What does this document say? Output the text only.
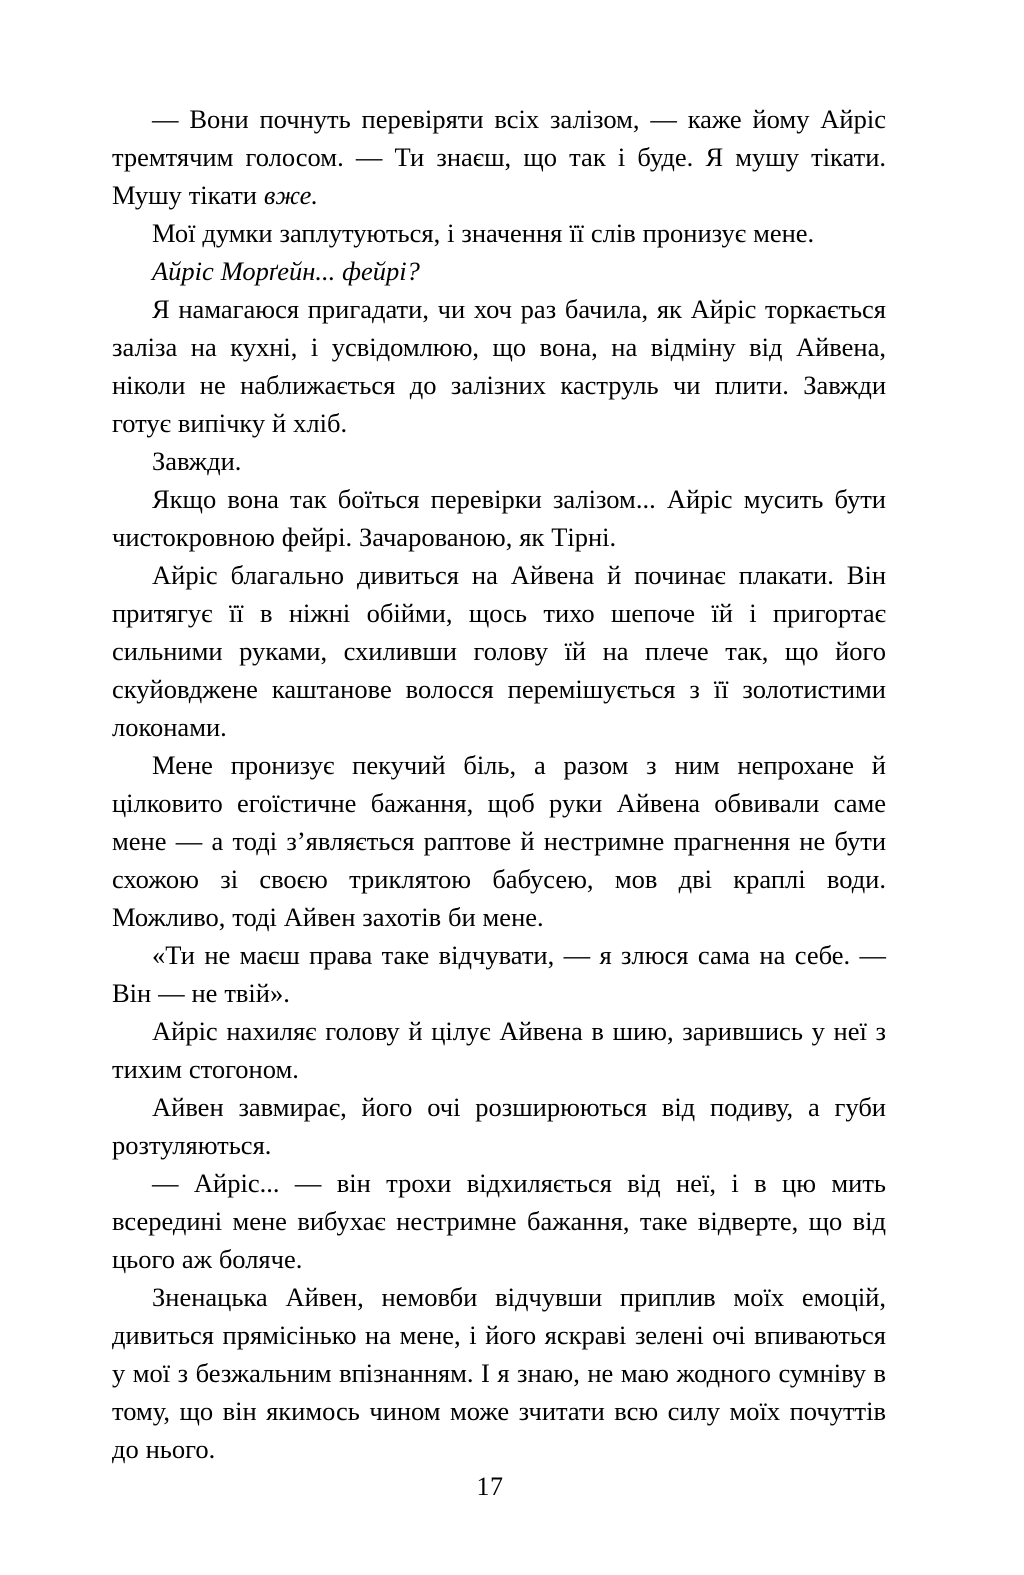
— Вони почнуть перевіряти всіх залізом, — каже йому Айріс тремтячим голосом. — Ти знаєш, що так і буде. Я мушу тікати. Мушу тікати вже.

Мої думки заплутуються, і значення її слів пронизує мене.

Айріс Морґейн... фейрі?

Я намагаюся пригадати, чи хоч раз бачила, як Айріс торкається заліза на кухні, і усвідомлюю, що вона, на відміну від Айвена, ніколи не наближається до залізних каструль чи плити. Завжди готує випічку й хліб.

Завжди.

Якщо вона так боїться перевірки залізом... Айріс мусить бути чистокровною фейрі. Зачарованою, як Тірні.

Айріс благально дивиться на Айвена й починає плакати. Він притягує її в ніжні обійми, щось тихо шепоче їй і пригортає сильними руками, схиливши голову їй на плече так, що його скуйовджене каштанове волосся перемішується з її золотистими локонами.

Мене пронизує пекучий біль, а разом з ним непрохане й цілковито егоїстичне бажання, щоб руки Айвена обвивали саме мене — а тоді з’являється раптове й нестримне прагнення не бути схожою зі своєю триклятою бабусею, мов дві краплі води. Можливо, тоді Айвен захотів би мене.

«Ти не маєш права таке відчувати, — я злюся сама на себе. — Він — не твій».

Айріс нахиляє голову й цілує Айвена в шию, зарившись у неї з тихим стогоном.

Айвен завмирає, його очі розширюються від подиву, а губи розтуляються.

— Айріс... — він трохи відхиляється від неї, і в цю мить всередині мене вибухає нестримне бажання, таке відверте, що від цього аж боляче.

Зненацька Айвен, немовби відчувши приплив моїх емоцій, дивиться прямісінько на мене, і його яскраві зелені очі впиваються у мої з безжальним впізнанням. І я знаю, не маю жодного сумніву в тому, що він якимось чином може зчитати всю силу моїх почуттів до нього.

17
